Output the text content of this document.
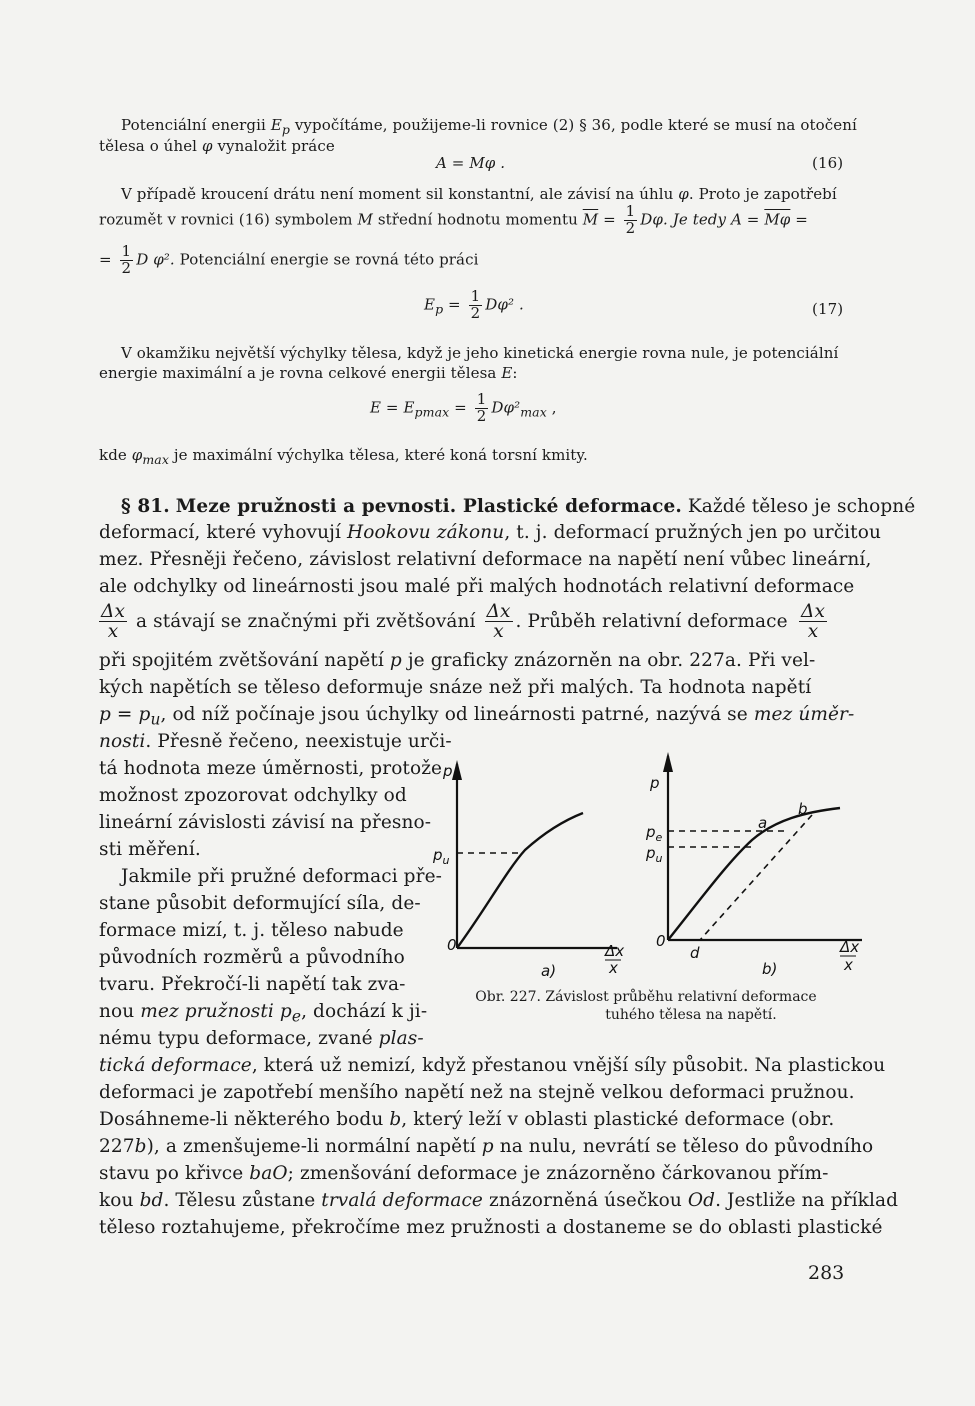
Potenciální energii $E_p$ vypočítáme, použijeme-li rovnice (2) § 36, podle které se musí na otočení
tělesa o úhel φ vynaložit práce
A = Mφ .	(16)
V případě kroucení drátu není moment sil konstantní, ale závisí na úhlu φ. Proto je zapotřebí
rozumět v rovnici (16) symbolem M střední hodnotu momentu $\overline{M} = \frac{1}{2} D\varphi$. Je tedy $A = \overline{M\varphi}$ =
= $\frac{1}{2}$ D φ². Potenciální energie se rovná této práci
$E_p = \frac{1}{2} D\varphi^2$ .	(17)
V okamžiku největší výchylky tělesa, když je jeho kinetická energie rovna nule, je potenciální
energie maximální a je rovna celkové energii tělesa E:
$E = E_{pmax} = \frac{1}{2} D\varphi^2_{max}$ ,
kde $\varphi_{max}$ je maximální výchylka tělesa, které koná torsní kmity.
§ 81. Meze pružnosti a pevnosti. Plastické deformace. Každé těleso je schopné
deformací, které vyhovují Hookovu zákonu, t. j. deformací pružných jen po určitou
mez. Přesněji řečeno, závislost relativní deformace na napětí není vůbec lineární,
ale odchylky od lineárnosti jsou malé při malých hodnotách relativní deformace
$\frac{\Delta x}{x}$ a stávají se značnými při zvětšování $\frac{\Delta x}{x}$ . Průběh relativní deformace $\frac{\Delta x}{x}$
při spojitém zvětšování napětí p je graficky znázorněn na obr. 227a. Při vel-
kých napětích se těleso deformuje snáze než při malých. Ta hodnota napětí
$p = p_u$, od níž počínaje jsou úchylky od lineárnosti patrné, nazývá se mez úměr-
nosti. Přesně řečeno, neexistuje urči-
tá hodnota meze úměrnosti, protože
možnost zpozorovat odchylky od
lineární závislosti závisí na přesno-
sti měření.
Jakmile při pružné deformaci pře-
stane působit deformující síla, de-
formace mizí, t. j. těleso nabude
původních rozměrů a původního
tvaru. Překročí-li napětí tak zva-
nou mez pružnosti $p_e$, dochází k ji-
nému typu deformace, zvané plas-
tická deformace, která už nemizí, když přestanou vnější síly působit. Na plastickou
deformaci je zapotřebí menšího napětí než na stejně velkou deformaci pružnou.
Dosáhneme-li některého bodu b, který leží v oblasti plastické deformace (obr.
227b), a zmenšujeme-li normální napětí p na nulu, nevrátí se těleso do původního
stavu po křivce baO; zmenšování deformace je znázorněno čárkovanou přím-
kou bd. Tělesu zůstane trvalá deformace znázorněná úsečkou Od. Jestliže na příklad
těleso roztahujeme, překročíme mez pružnosti a dostaneme se do oblasti plastické
p
$p_u$
0	Δx
x
a)
p
$p_e$
$p_u$
0
d
a
b
Δx
x
b)
Obr. 227. Závislost průběhu relativní deformace
tuhého tělesa na napětí.
283
